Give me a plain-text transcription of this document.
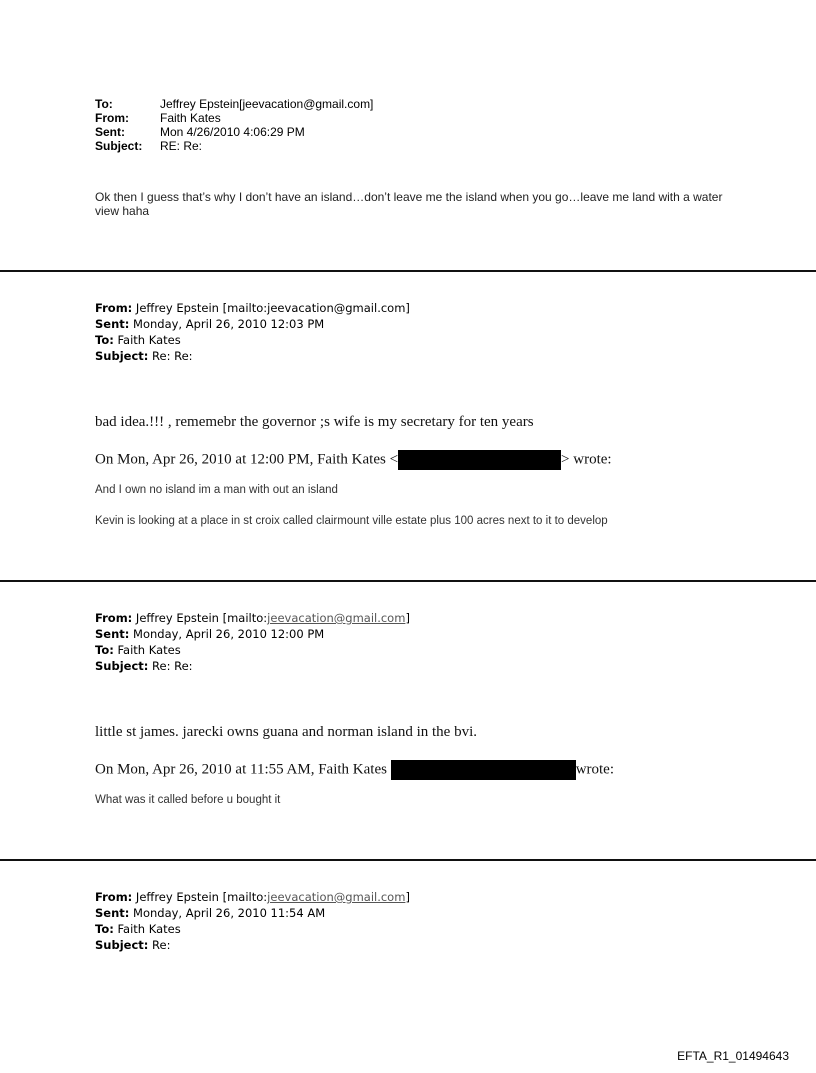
To:	Jeffrey Epstein[jeevacation@gmail.com]
From:	Faith Kates
Sent:	Mon 4/26/2010 4:06:29 PM
Subject:	RE: Re:
Ok then I guess that’s why I don’t have an island…don’t leave me the island when you go…leave me land with a water view haha
From: Jeffrey Epstein [mailto:jeevacation@gmail.com]
Sent: Monday, April 26, 2010 12:03 PM
To: Faith Kates
Subject: Re: Re:
bad idea.!!! , rememebr the governor ;s wife is my secretary for ten years
On Mon, Apr 26, 2010 at 12:00 PM, Faith Kates <	> wrote:
And I own no island im a man with out an island
Kevin is looking at a place in st croix called clairmount ville estate plus 100 acres next to it to develop
From: Jeffrey Epstein [mailto:jeevacation@gmail.com]
Sent: Monday, April 26, 2010 12:00 PM
To: Faith Kates
Subject: Re: Re:
little st james. jarecki owns guana and norman island in the bvi.
On Mon, Apr 26, 2010 at 11:55 AM, Faith Kates	wrote:
What was it called before u bought it
From: Jeffrey Epstein [mailto:jeevacation@gmail.com]
Sent: Monday, April 26, 2010 11:54 AM
To: Faith Kates
Subject: Re:
EFTA_R1_01494643
